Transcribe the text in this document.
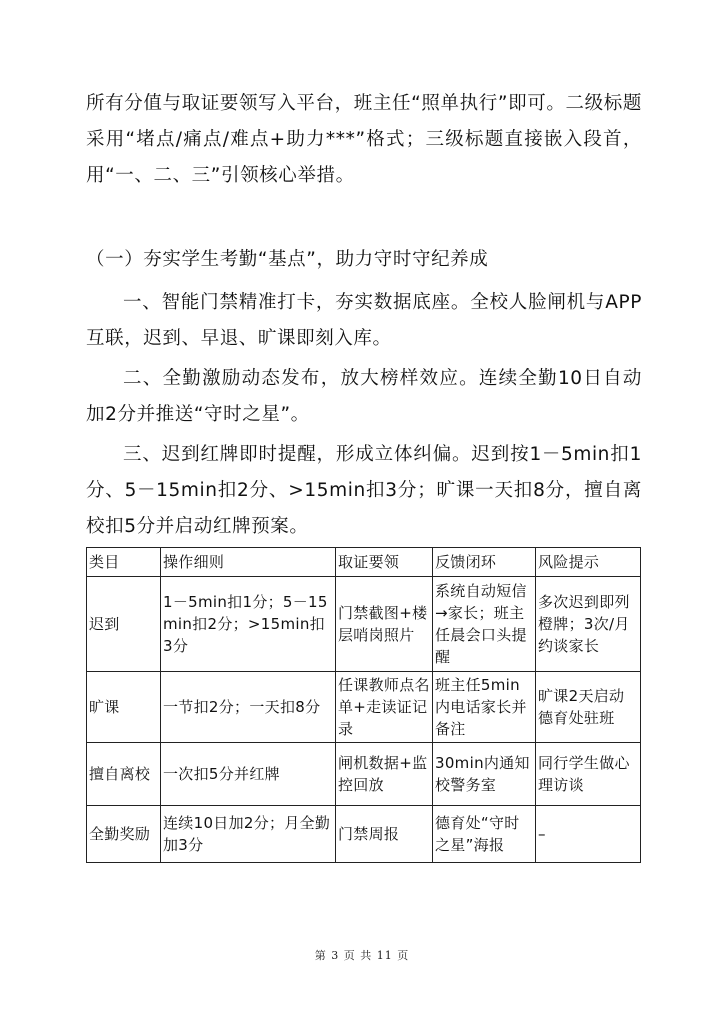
所有分值与取证要领写入平台，班主任“照单执行”即可。二级标题采用“堵点/痛点/难点+助力***”格式；三级标题直接嵌入段首，用“一、二、三”引领核心举措。

（一）夯实学生考勤“基点”，助力守时守纪养成

一、智能门禁精准打卡，夯实数据底座。全校人脸闸机与APP互联，迟到、早退、旷课即刻入库。

二、全勤激励动态发布，放大榜样效应。连续全勤10日自动加2分并推送“守时之星”。

三、迟到红牌即时提醒，形成立体纠偏。迟到按1－5min扣1分、5－15min扣2分、>15min扣3分；旷课一天扣8分，擅自离校扣5分并启动红牌预案。

类目	操作细则	取证要领	反馈闭环	风险提示
迟到	1－5min扣1分；5－15min扣2分；>15min扣3分	门禁截图+楼层哨岗照片	系统自动短信→家长；班主任晨会口头提醒	多次迟到即列橙牌；3次/月约谈家长
旷课	一节扣2分；一天扣8分	任课教师点名单+走读证记录	班主任5min内电话家长并备注	旷课2天启动德育处驻班
擅自离校	一次扣5分并红牌	闸机数据+监控回放	30min内通知校警务室	同行学生做心理访谈
全勤奖励	连续10日加2分；月全勤加3分	门禁周报	德育处“守时之星”海报	–
第 3 页 共 11 页
